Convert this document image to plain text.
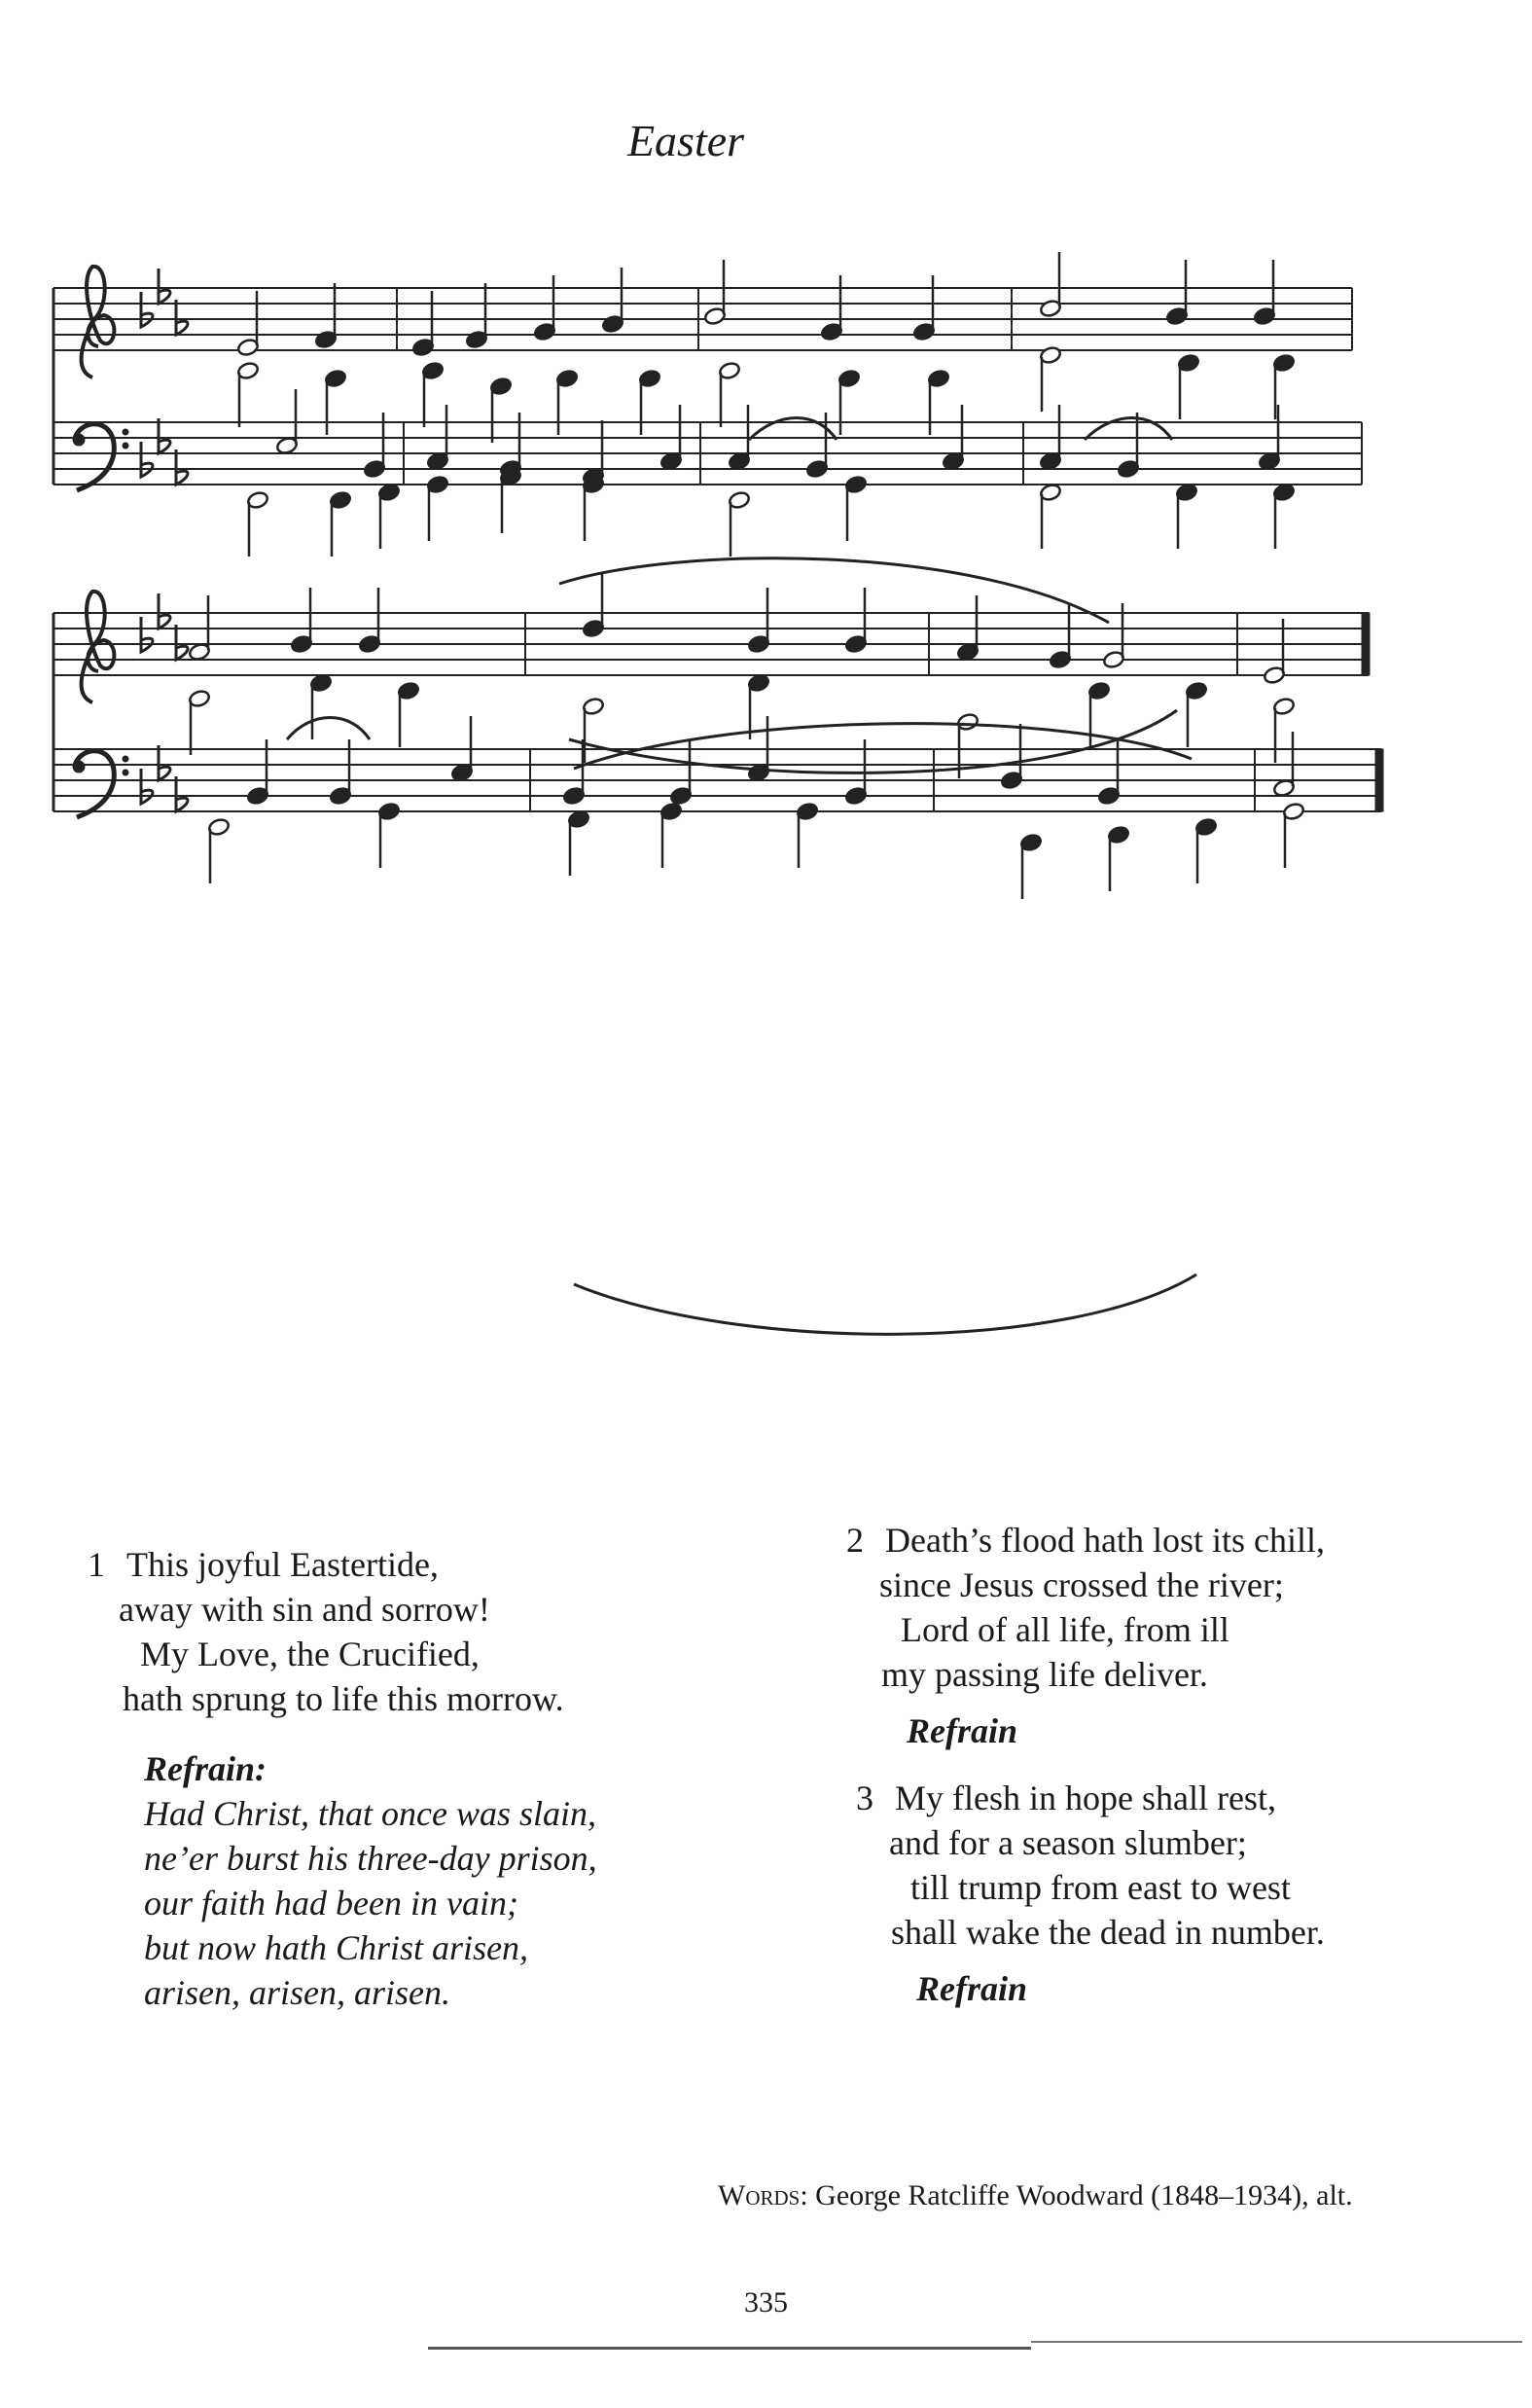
Easter
1 This joyful Eastertide,
away with sin and sorrow!
My Love, the Crucified,
hath sprung to life this morrow.
Refrain:
Had Christ, that once was slain,
ne’er burst his three-day prison,
our faith had been in vain;
but now hath Christ arisen,
arisen, arisen, arisen.
2 Death’s flood hath lost its chill,
since Jesus crossed the river;
Lord of all life, from ill
my passing life deliver.
Refrain
3 My flesh in hope shall rest,
and for a season slumber;
till trump from east to west
shall wake the dead in number.
Refrain
Words: George Ratcliffe Woodward (1848–1934), alt.
335
